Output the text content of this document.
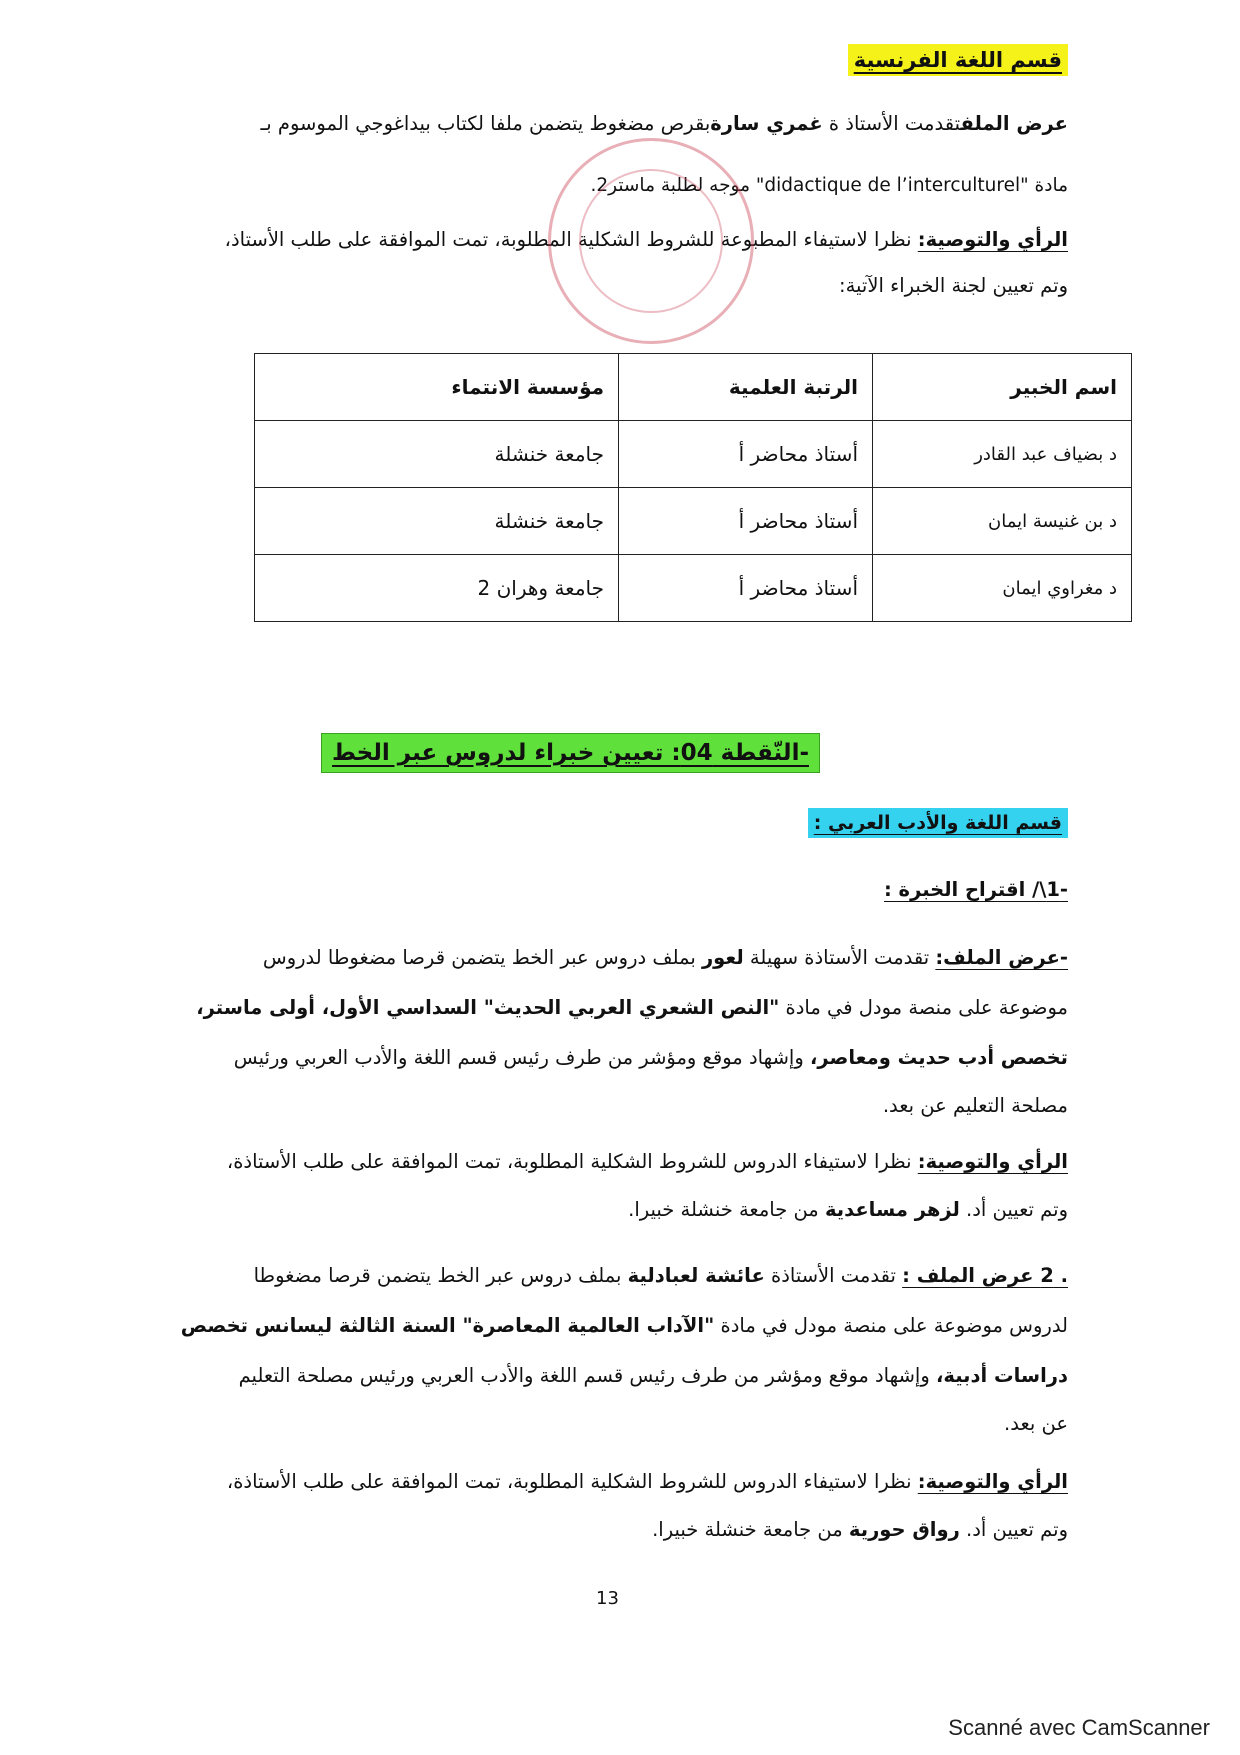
قسم اللغة الفرنسية
عرض الملفتقدمت الأستاذ ة غمري سارةبقرص مضغوط يتضمن ملفا لكتاب بيداغوجي الموسوم بـ
مادة "didactique de l’interculturel" موجه لطلبة ماستر2.
الرأي والتوصية: نظرا لاستيفاء المطبوعة للشروط الشكلية المطلوبة، تمت الموافقة على طلب الأستاذ،
وتم تعيين لجنة الخبراء الآتية:
اسم الخبير	الرتبة العلمية	مؤسسة الانتماء
د بضياف عبد القادر	أستاذ محاضر أ	جامعة خنشلة
د بن غنيسة ايمان	أستاذ محاضر أ	جامعة خنشلة
د مغراوي ايمان	أستاذ محاضر أ	جامعة وهران 2
-النّقطة 04: تعيين خبراء لدروس عبر الخط
قسم اللغة والأدب العربي :
-1\/ اقتراح الخبرة :
-عرض الملف: تقدمت الأستاذة سهيلة لعور بملف دروس عبر الخط يتضمن قرصا مضغوطا لدروس
موضوعة على منصة مودل في مادة "النص الشعري العربي الحديث" السداسي الأول، أولى ماستر،
تخصص أدب حديث ومعاصر، وإشهاد موقع ومؤشر من طرف رئيس قسم اللغة والأدب العربي ورئيس
مصلحة التعليم عن بعد.
الرأي والتوصية: نظرا لاستيفاء الدروس للشروط الشكلية المطلوبة، تمت الموافقة على طلب الأستاذة،
وتم تعيين أد. لزهر مساعدية من جامعة خنشلة خبيرا.
. 2 عرض الملف : تقدمت الأستاذة عائشة لعبادلية بملف دروس عبر الخط يتضمن قرصا مضغوطا
لدروس موضوعة على منصة مودل في مادة "الآداب العالمية المعاصرة" السنة الثالثة ليسانس تخصص
دراسات أدبية، وإشهاد موقع ومؤشر من طرف رئيس قسم اللغة والأدب العربي ورئيس مصلحة التعليم
عن بعد.
الرأي والتوصية: نظرا لاستيفاء الدروس للشروط الشكلية المطلوبة، تمت الموافقة على طلب الأستاذة،
وتم تعيين أد. رواق حورية من جامعة خنشلة خبيرا.
13
Scanné avec CamScanner
